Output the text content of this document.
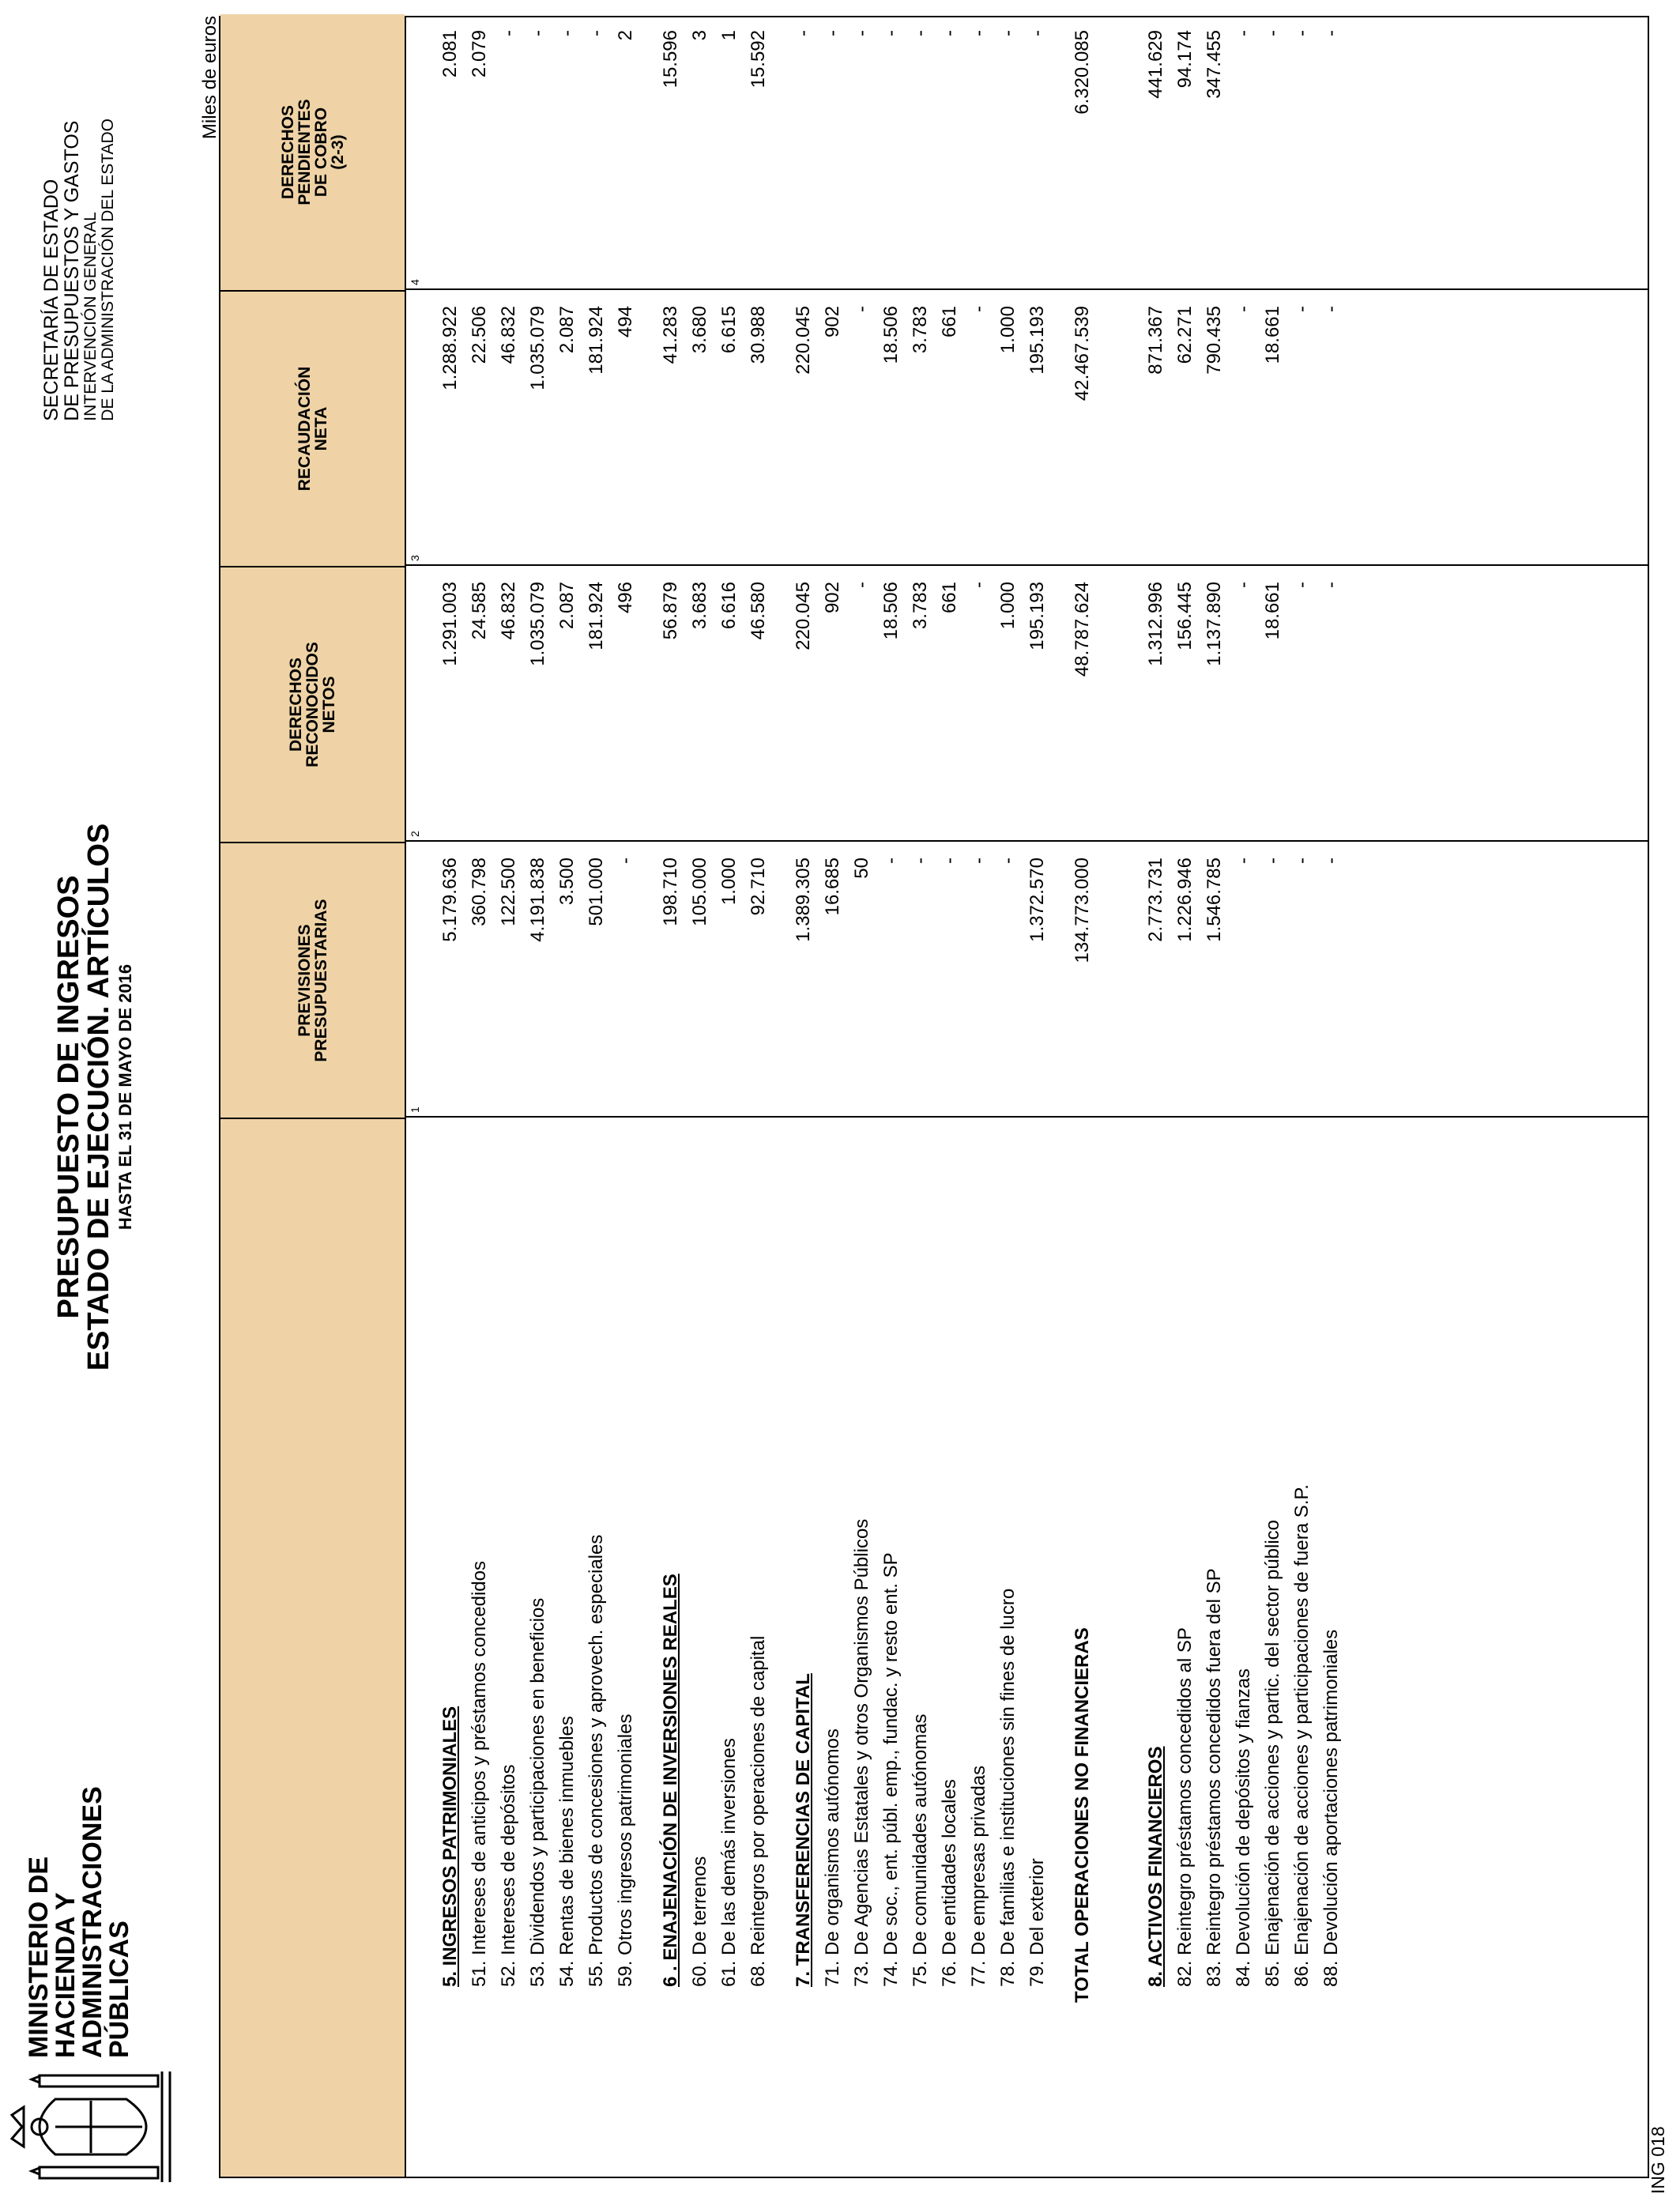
MINISTERIO DE
HACIENDA Y
ADMINISTRACIONES
PÚBLICAS
PRESUPUESTO DE INGRESOS
ESTADO DE EJECUCIÓN. ARTÍCULOS HASTA EL 31 DE MAYO DE 2016
SECRETARÍA DE ESTADO
DE PRESUPUESTOS Y GASTOS
INTERVENCIÓN GENERAL DE LA ADMINISTRACIÓN DEL ESTADO
Miles de euros
5. INGRESOS PATRIMONIALES
5.179.636
1.291.003
1.288.922
2.081
51. Intereses de anticipos y préstamos concedidos
360.798
24.585
22.506
2.079
52. Intereses de depósitos
122.500
46.832
46.832
-
53. Dividendos y participaciones en beneficios
4.191.838
1.035.079
1.035.079
-
54. Rentas de bienes inmuebles
3.500
2.087
2.087
-
55. Productos de concesiones y aprovech. especiales
501.000
181.924
181.924
-
59. Otros ingresos patrimoniales
-
496
494
2
6 . ENAJENACIÓN DE INVERSIONES REALES
198.710
56.879
41.283
15.596
60. De terrenos
105.000
3.683
3.680
3
61. De las demás inversiones
1.000
6.616
6.615
1
68. Reintegros por operaciones de capital
92.710
46.580
30.988
15.592
7. TRANSFERENCIAS DE CAPITAL
1.389.305
220.045
220.045
-
71. De organismos autónomos
16.685
902
902
-
73. De Agencias Estatales y otros Organismos Públicos
50
-
-
-
74. De soc., ent. públ. emp., fundac. y resto ent. SP
-
18.506
18.506
-
75. De comunidades autónomas
-
3.783
3.783
-
76. De entidades locales
-
661
661
-
77. De empresas privadas
-
-
-
-
78. De familias e instituciones sin fines de lucro
-
1.000
1.000
-
79. Del exterior
1.372.570
195.193
195.193
-
TOTAL OPERACIONES NO FINANCIERAS
134.773.000
48.787.624
42.467.539
6.320.085
8. ACTIVOS FINANCIEROS
2.773.731
1.312.996
871.367
441.629
82. Reintegro préstamos concedidos al SP
1.226.946
156.445
62.271
94.174
83. Reintegro préstamos concedidos fuera del SP
1.546.785
1.137.890
790.435
347.455
84. Devolución de depósitos y fianzas
-
-
-
-
85. Enajenación de acciones y partic. del sector público
-
18.661
18.661
-
86. Enajenación de acciones y participaciones de fuera S.P.
-
-
-
-
88. Devolución aportaciones patrimoniales
-
-
-
-
PREVISIONES
PRESUPUESTARIAS
1
DERECHOS
RECONOCIDOS
NETOS
2
RECAUDACIÓN
NETA
3
DERECHOS
PENDIENTES
DE COBRO
(2-3)
4
ING 018
